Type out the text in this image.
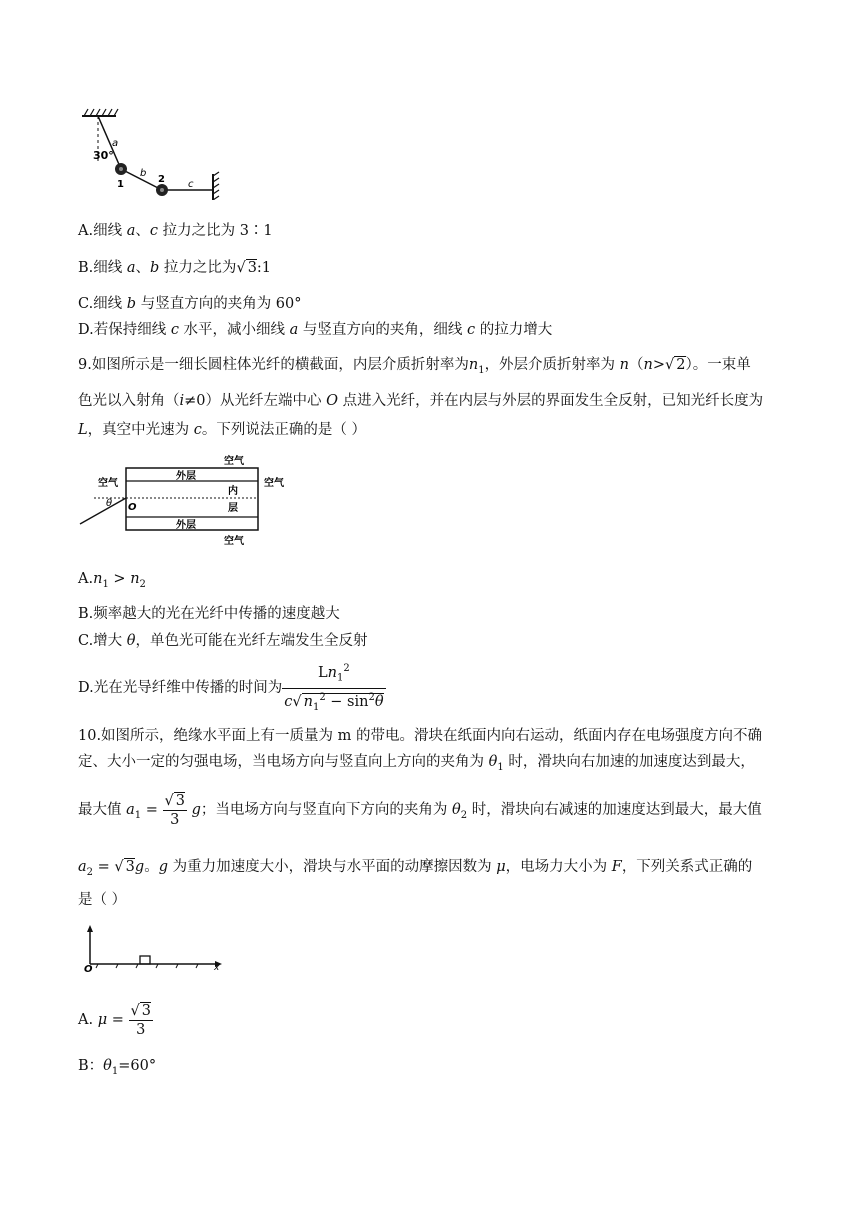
30°
a
b
c
1	2
A.细线 a、c 拉力之比为 3∶1
B.细线 a、b 拉力之比为√ 3:1
C.细线 b 与竖直方向的夹角为 60°
D.若保持细线 c 水平，减小细线 a 与竖直方向的夹角，细线 c 的拉力增大
9.如图所示是一细长圆柱体光纤的横截面，内层介质折射率为$n_1$，外层介质折射率为 n（n>√ 2）。一束单
色光以入射角（i≠0）从光纤左端中心 O 点进入光纤，并在内层与外层的界面发生全反射，已知光纤长度为
L，真空中光速为 c。下列说法正确的是（ ）
空气
空气	空气
空气
外层
外层
内
层
O
θ
$A.n_1 > n_2$
B.频率越大的光在光纤中传播的速度越大
C.增大 θ，单色光可能在光纤左端发生全反射
D.光在光导纤维中传播的时间为 $\frac{Ln_1^2}{c√ n_1^2 - \sin^2\theta}$
10.如图所示，绝缘水平面上有一质量为 m 的带电。滑块在纸面内向右运动，纸面内存在电场强度方向不确
定、大小一定的匀强电场，当电场方向与竖直向上方向的夹角为 $\theta_1$ 时，滑块向右加速的加速度达到最大，
最大值 $a_1 = \frac{√ 3}{3}$ g；当电场方向与竖直向下方向的夹角为 $\theta_2$ 时，滑块向右减速的加速度达到最大，最大值
$a_2$ = √ 3g。g 为重力加速度大小，滑块与水平面的动摩擦因数为 μ，电场力大小为 F，下列关系式正确的
是（ ）
O	x
A. $\mu = \frac{√ 3}{3}$
B：$\theta_1=60^\circ$
